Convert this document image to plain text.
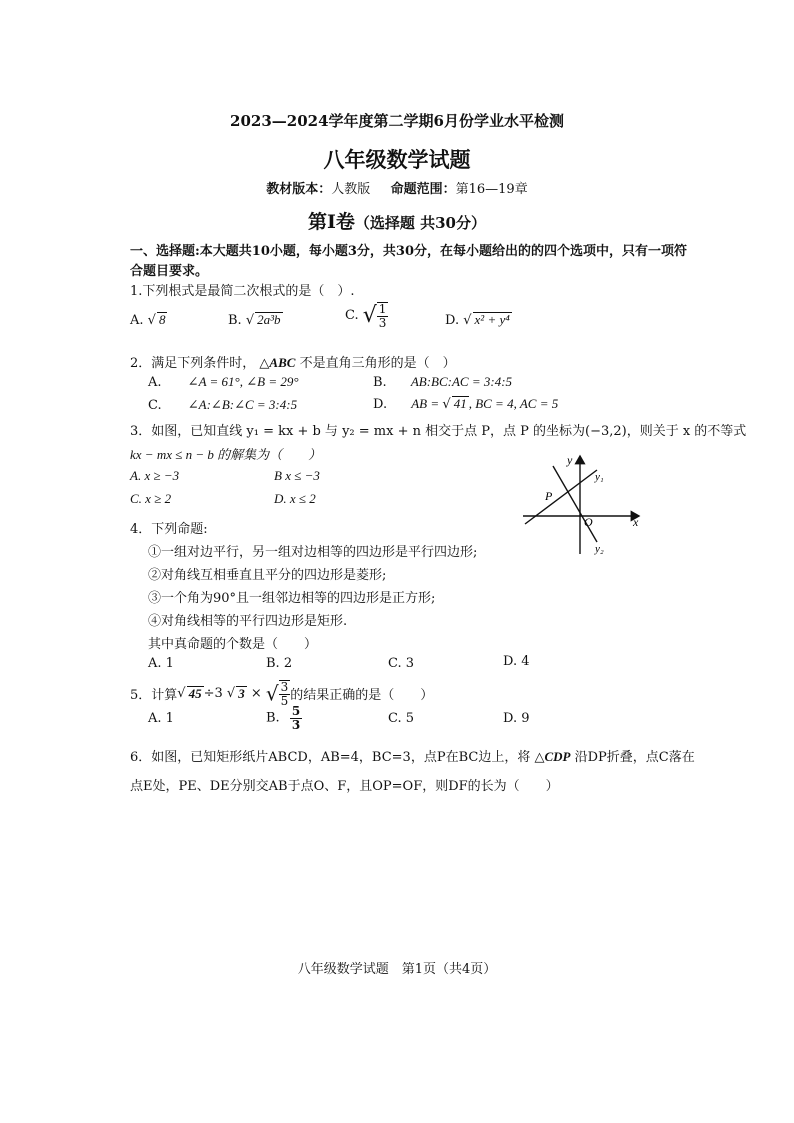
2023—2024学年度第二学期6月份学业水平检测
八年级数学试题
教材版本：人教版 命题范围：第16—19章
第Ⅰ卷（选择题 共30分）
一、选择题:本大题共10小题，每小题3分，共30分，在每小题给出的的四个选项中，只有一项符
合题目要求。
1.下列根式是最简二次根式的是（　）.
A. √ 8	B. √ 2a³b	C. √ $\frac{1}{3}$	D. √ x² + y⁴
2．满足下列条件时， △ABC 不是直角三角形的是（　）
A. ∠A = 61°, ∠B = 29°	B. AB:BC:AC = 3:4:5
C. ∠A:∠B:∠C = 3:4:5	D. AB = √ 41 , BC = 4, AC = 5
3．如图，已知直线 y₁ = kx + b 与 y₂ = mx + n 相交于点 P，点 P 的坐标为(−3,2)，则关于 x 的不等式
kx − mx ≤ n − b 的解集为（　　）
A. x ≥ −3	B x ≤ −3
C. x ≥ 2	D. x ≤ 2
y
x
O
P
y₁
y₂
4．下列命题:
①一组对边平行，另一组对边相等的四边形是平行四边形;
②对角线互相垂直且平分的四边形是菱形;
③一个角为90°且一组邻边相等的四边形是正方形;
④对角线相等的平行四边形是矩形.
其中真命题的个数是（　　）
A. 1	B. 2	C. 3	D. 4
5．计算√ 45 ÷3 √ 3 × √ $\frac{3}{5}$ 的结果正确的是（　　）
A. 1	B. $\frac{5}{3}$	C. 5	D. 9
6．如图，已知矩形纸片ABCD，AB=4，BC=3，点P在BC边上，将 △CDP 沿DP折叠，点C落在
点E处，PE、DE分别交AB于点O、F，且OP=OF，则DF的长为（　　）
八年级数学试题　第1页（共4页）
